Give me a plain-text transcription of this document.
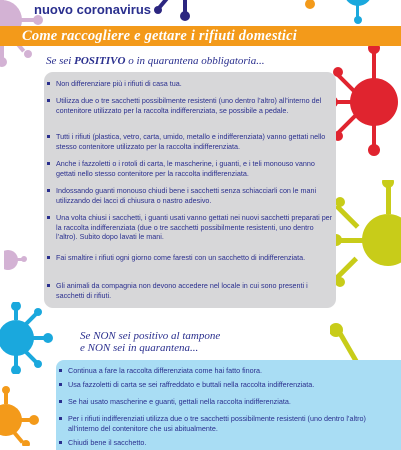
nuovo coronavirus
Come raccogliere e gettare i rifiuti domestici
Se sei POSITIVO o in quarantena obbligatoria...
Non differenziare più i rifiuti di casa tua.
Utilizza due o tre sacchetti possibilmente resistenti (uno dentro l’altro) all’interno del contenitore utilizzato per la raccolta indifferenziata, se possibile a pedale.
Tutti i rifiuti (plastica, vetro, carta, umido, metallo e indifferenziata) vanno gettati nello stesso contenitore utilizzato per la raccolta indifferenziata.
Anche i fazzoletti o i rotoli di carta, le mascherine, i guanti, e i teli monouso vanno gettati nello stesso contenitore per la raccolta indifferenziata.
Indossando guanti monouso chiudi bene i sacchetti senza schiacciarli con le mani utilizzando dei lacci di chiusura o nastro adesivo.
Una volta chiusi i sacchetti, i guanti usati vanno gettati nei nuovi sacchetti preparati per la raccolta indifferenziata (due o tre sacchetti possibilmente resistenti, uno dentro l’altro). Subito dopo lavati le mani.
Fai smaltire i rifiuti ogni giorno come faresti con un sacchetto di indifferenziata.
Gli animali da compagnia non devono accedere nel locale in cui sono presenti i sacchetti di rifiuti.
Se NON sei positivo al tampone
e NON sei in quarantena...
Continua a fare la raccolta differenziata come hai fatto finora.
Usa fazzoletti di carta se sei raffreddato e buttali nella raccolta indifferenziata.
Se hai usato mascherine e guanti, gettali nella raccolta indifferenziata.
Per i rifiuti indifferenziati utilizza due o tre sacchetti possibilmente resistenti (uno dentro l’altro) all’interno del contenitore che usi abitualmente.
Chiudi bene il sacchetto.
